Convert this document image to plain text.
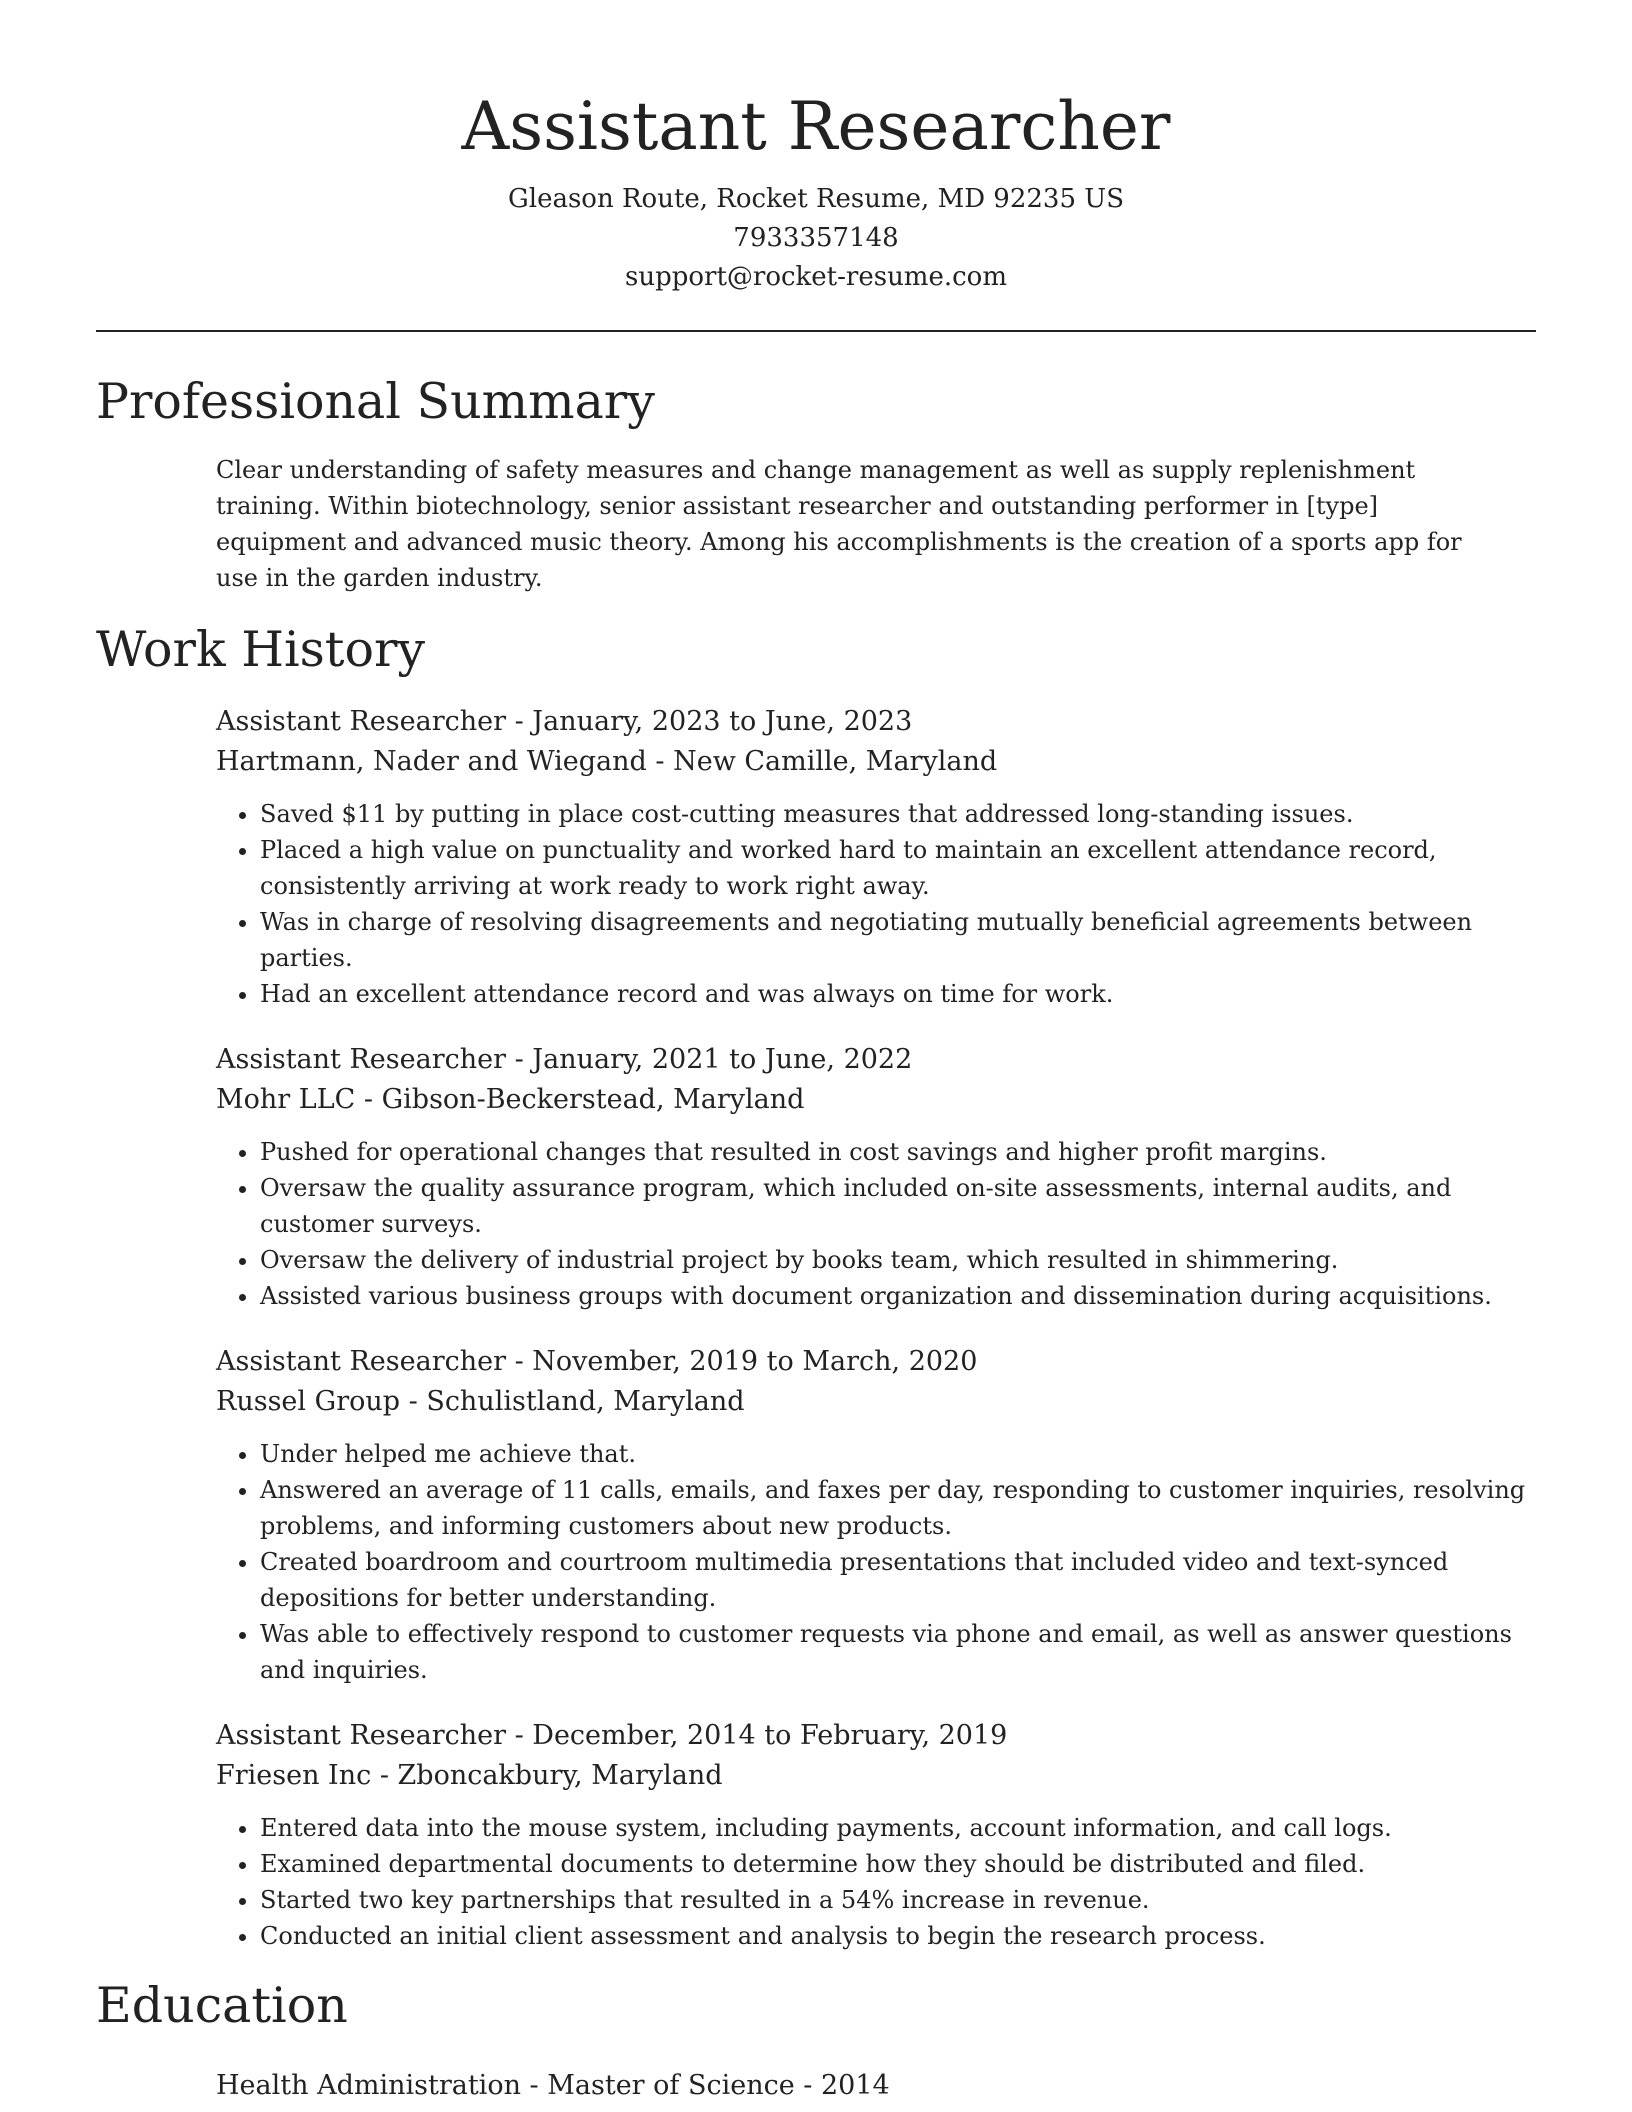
Assistant Researcher
Gleason Route, Rocket Resume, MD 92235 US
7933357148
support@rocket-resume.com
Professional Summary
Clear understanding of safety measures and change management as well as supply replenishment training. Within biotechnology, senior assistant researcher and outstanding performer in [type] equipment and advanced music theory. Among his accomplishments is the creation of a sports app for use in the garden industry.
Work History
Assistant Researcher - January, 2023 to June, 2023
Hartmann, Nader and Wiegand - New Camille, Maryland
• Saved $11 by putting in place cost-cutting measures that addressed long-standing issues.
• Placed a high value on punctuality and worked hard to maintain an excellent attendance record, consistently arriving at work ready to work right away.
• Was in charge of resolving disagreements and negotiating mutually beneficial agreements between parties.
• Had an excellent attendance record and was always on time for work.
Assistant Researcher - January, 2021 to June, 2022
Mohr LLC - Gibson-Beckerstead, Maryland
• Pushed for operational changes that resulted in cost savings and higher profit margins.
• Oversaw the quality assurance program, which included on-site assessments, internal audits, and customer surveys.
• Oversaw the delivery of industrial project by books team, which resulted in shimmering.
• Assisted various business groups with document organization and dissemination during acquisitions.
Assistant Researcher - November, 2019 to March, 2020
Russel Group - Schulistland, Maryland
• Under helped me achieve that.
• Answered an average of 11 calls, emails, and faxes per day, responding to customer inquiries, resolving problems, and informing customers about new products.
• Created boardroom and courtroom multimedia presentations that included video and text-synced depositions for better understanding.
• Was able to effectively respond to customer requests via phone and email, as well as answer questions and inquiries.
Assistant Researcher - December, 2014 to February, 2019
Friesen Inc - Zboncakbury, Maryland
• Entered data into the mouse system, including payments, account information, and call logs.
• Examined departmental documents to determine how they should be distributed and filed.
• Started two key partnerships that resulted in a 54% increase in revenue.
• Conducted an initial client assessment and analysis to begin the research process.
Education
Health Administration - Master of Science - 2014
